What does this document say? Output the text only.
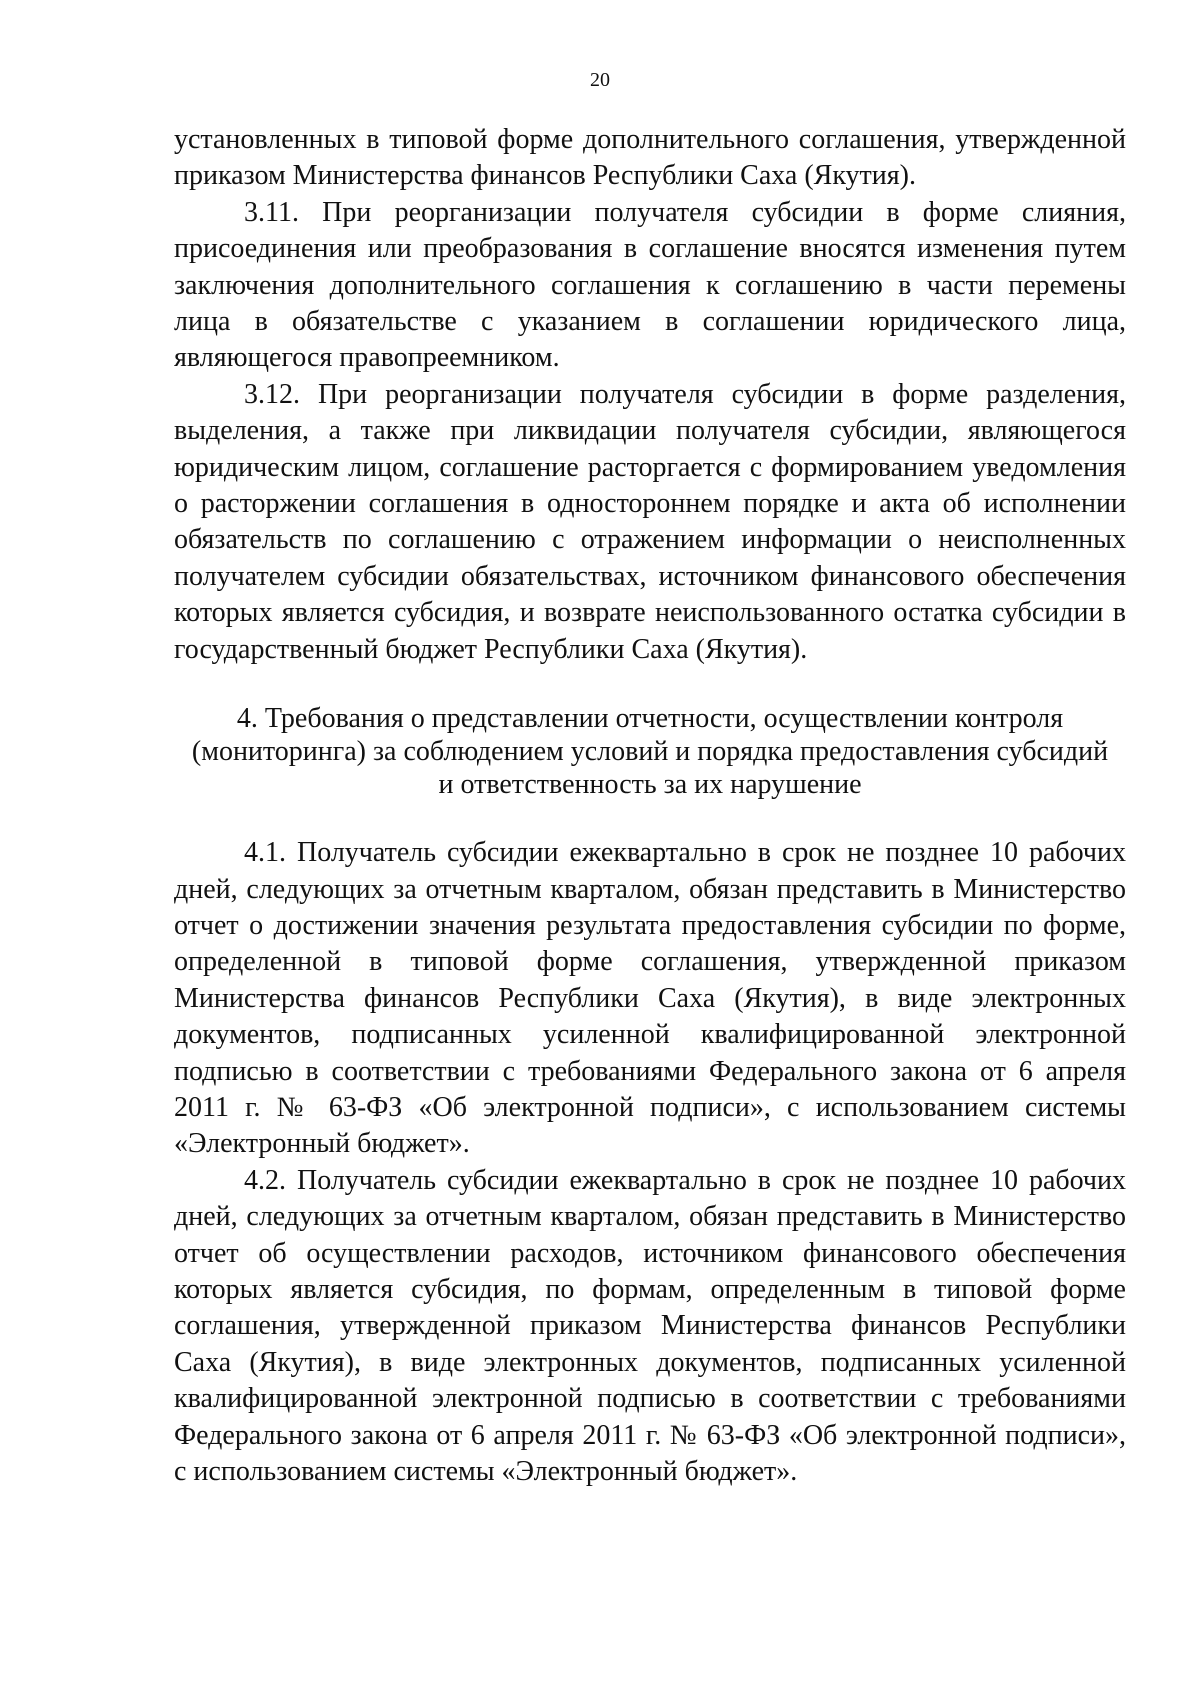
20

установленных в типовой форме дополнительного соглашения, утвержденной приказом Министерства финансов Республики Саха (Якутия).

3.11. При реорганизации получателя субсидии в форме слияния, присоединения или преобразования в соглашение вносятся изменения путем заключения дополнительного соглашения к соглашению в части перемены лица в обязательстве с указанием в соглашении юридического лица, являющегося правопреемником.

3.12. При реорганизации получателя субсидии в форме разделения, выделения, а также при ликвидации получателя субсидии, являющегося юридическим лицом, соглашение расторгается с формированием уведомления о расторжении соглашения в одностороннем порядке и акта об исполнении обязательств по соглашению с отражением информации о неисполненных получателем субсидии обязательствах, источником финансового обеспечения которых является субсидия, и возврате неиспользованного остатка субсидии в государственный бюджет Республики Саха (Якутия).

4. Требования о представлении отчетности, осуществлении контроля
(мониторинга) за соблюдением условий и порядка предоставления субсидий
и ответственность за их нарушение

4.1. Получатель субсидии ежеквартально в срок не позднее 10 рабочих дней, следующих за отчетным кварталом, обязан представить в Министерство отчет о достижении значения результата предоставления субсидии по форме, определенной в типовой форме соглашения, утвержденной приказом Министерства финансов Республики Саха (Якутия), в виде электронных документов, подписанных усиленной квалифицированной электронной подписью в соответствии с требованиями Федерального закона от 6 апреля 2011 г. № 63-ФЗ «Об электронной подписи», с использованием системы «Электронный бюджет».

4.2. Получатель субсидии ежеквартально в срок не позднее 10 рабочих дней, следующих за отчетным кварталом, обязан представить в Министерство отчет об осуществлении расходов, источником финансового обеспечения которых является субсидия, по формам, определенным в типовой форме соглашения, утвержденной приказом Министерства финансов Республики Саха (Якутия), в виде электронных документов, подписанных усиленной квалифицированной электронной подписью в соответствии с требованиями Федерального закона от 6 апреля 2011 г. № 63-ФЗ «Об электронной подписи», с использованием системы «Электронный бюджет».
